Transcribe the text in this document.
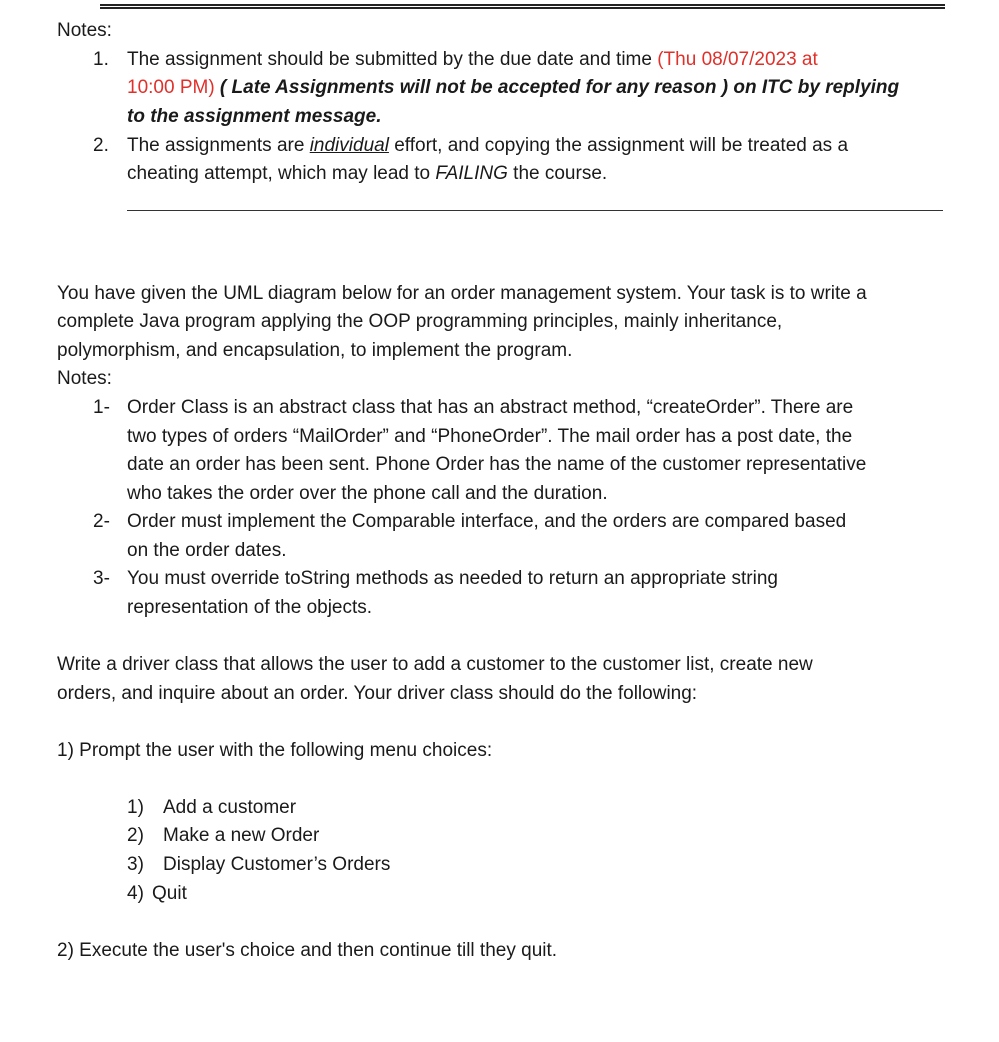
Notes:
1. The assignment should be submitted by the due date and time (Thu 08/07/2023 at
10:00 PM) ( Late Assignments will not be accepted for any reason ) on ITC by replying
to the assignment message.
2. The assignments are individual effort, and copying the assignment will be treated as a
cheating attempt, which may lead to FAILING the course.
You have given the UML diagram below for an order management system. Your task is to write a
complete Java program applying the OOP programming principles, mainly inheritance,
polymorphism, and encapsulation, to implement the program.
Notes:
1- Order Class is an abstract class that has an abstract method, “createOrder”. There are
two types of orders “MailOrder” and “PhoneOrder”. The mail order has a post date, the
date an order has been sent. Phone Order has the name of the customer representative
who takes the order over the phone call and the duration.
2- Order must implement the Comparable interface, and the orders are compared based
on the order dates.
3- You must override toString methods as needed to return an appropriate string
representation of the objects.
Write a driver class that allows the user to add a customer to the customer list, create new
orders, and inquire about an order. Your driver class should do the following:
1) Prompt the user with the following menu choices:
1) Add a customer
2) Make a new Order
3) Display Customer’s Orders
4) Quit
2) Execute the user's choice and then continue till they quit.
